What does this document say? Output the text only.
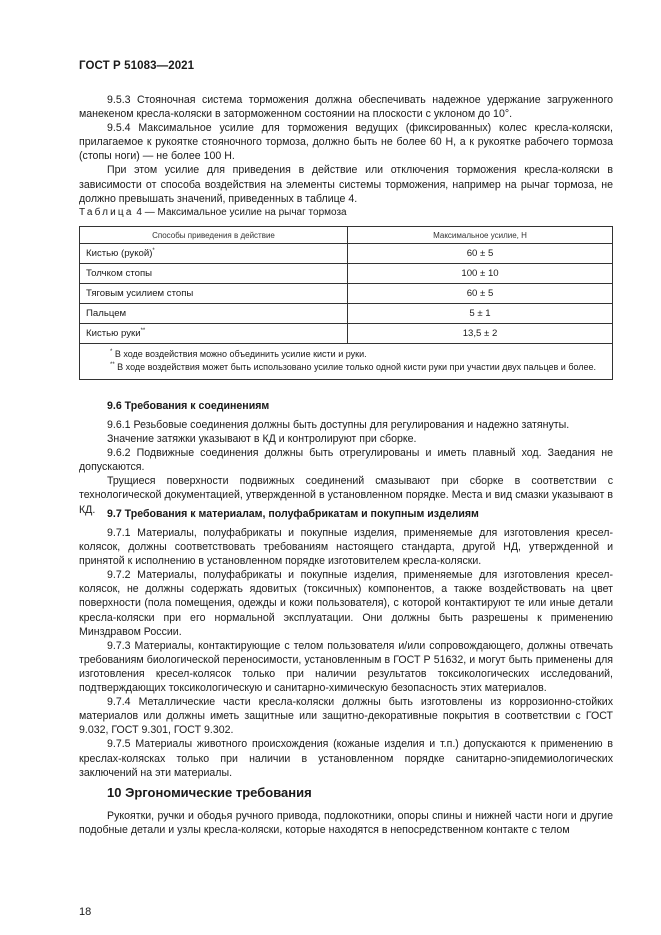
ГОСТ Р 51083—2021

9.5.3 Стояночная система торможения должна обеспечивать надежное удержание загруженного манекеном кресла-коляски в заторможенном состоянии на плоскости с уклоном до 10°.

9.5.4 Максимальное усилие для торможения ведущих (фиксированных) колес кресла-коляски, прилагаемое к рукоятке стояночного тормоза, должно быть не более 60 Н, а к рукоятке рабочего тормоза (стопы ноги) — не более 100 Н.

При этом усилие для приведения в действие или отключения торможения кресла-коляски в зависимости от способа воздействия на элементы системы торможения, например на рычаг тормоза, не должно превышать значений, приведенных в таблице 4.

Таблица 4 — Максимальное усилие на рычаг тормоза
Способы приведения в действие	Максимальное усилие, Н
Кистью (рукой)*	60 ± 5
Толчком стопы	100 ± 10
Тяговым усилием стопы	60 ± 5
Пальцем	5 ± 1
Кистью руки**	13,5 ± 2

* В ходе воздействия можно объединить усилие кисти и руки.

** В ходе воздействия может быть использовано усилие только одной кисти руки при участии двух пальцев и более.	

9.6 Требования к соединениям

9.6.1 Резьбовые соединения должны быть доступны для регулирования и надежно затянуты.

Значение затяжки указывают в КД и контролируют при сборке.

9.6.2 Подвижные соединения должны быть отрегулированы и иметь плавный ход. Заедания не допускаются.

Трущиеся поверхности подвижных соединений смазывают при сборке в соответствии с технологической документацией, утвержденной в установленном порядке. Места и вид смазки указывают в КД.	9.7 Требования к материалам, полуфабрикатам и покупным изделиям

9.7.1 Материалы, полуфабрикаты и покупные изделия, применяемые для изготовления кресел-колясок, должны соответствовать требованиям настоящего стандарта, другой НД, утвержденной и принятой к исполнению в установленном порядке изготовителем кресла-коляски.

9.7.2 Материалы, полуфабрикаты и покупные изделия, применяемые для изготовления кресел-колясок, не должны содержать ядовитых (токсичных) компонентов, а также воздействовать на цвет поверхности (пола помещения, одежды и кожи пользователя), с которой контактируют те или иные детали кресла-коляски при его нормальной эксплуатации. Они должны быть разрешены к применению Минздравом России.

9.7.3 Материалы, контактирующие с телом пользователя и/или сопровождающего, должны отвечать требованиям биологической переносимости, установленным в ГОСТ Р 51632, и могут быть применены для изготовления кресел-колясок только при наличии результатов токсикологических исследований, подтверждающих токсикологическую и санитарно-химическую безопасность этих материалов.

9.7.4 Металлические части кресла-коляски должны быть изготовлены из коррозионно-стойких материалов или должны иметь защитные или защитно-декоративные покрытия в соответствии с ГОСТ 9.032, ГОСТ 9.301, ГОСТ 9.302.

9.7.5 Материалы животного происхождения (кожаные изделия и т.п.) допускаются к применению в креслах-колясках только при наличии в установленном порядке санитарно-эпидемиологических заключений на эти материалы.

10 Эргономические требования

Рукоятки, ручки и ободья ручного привода, подлокотники, опоры спины и нижней части ноги и другие подобные детали и узлы кресла-коляски, которые находятся в непосредственном контакте с телом

18
